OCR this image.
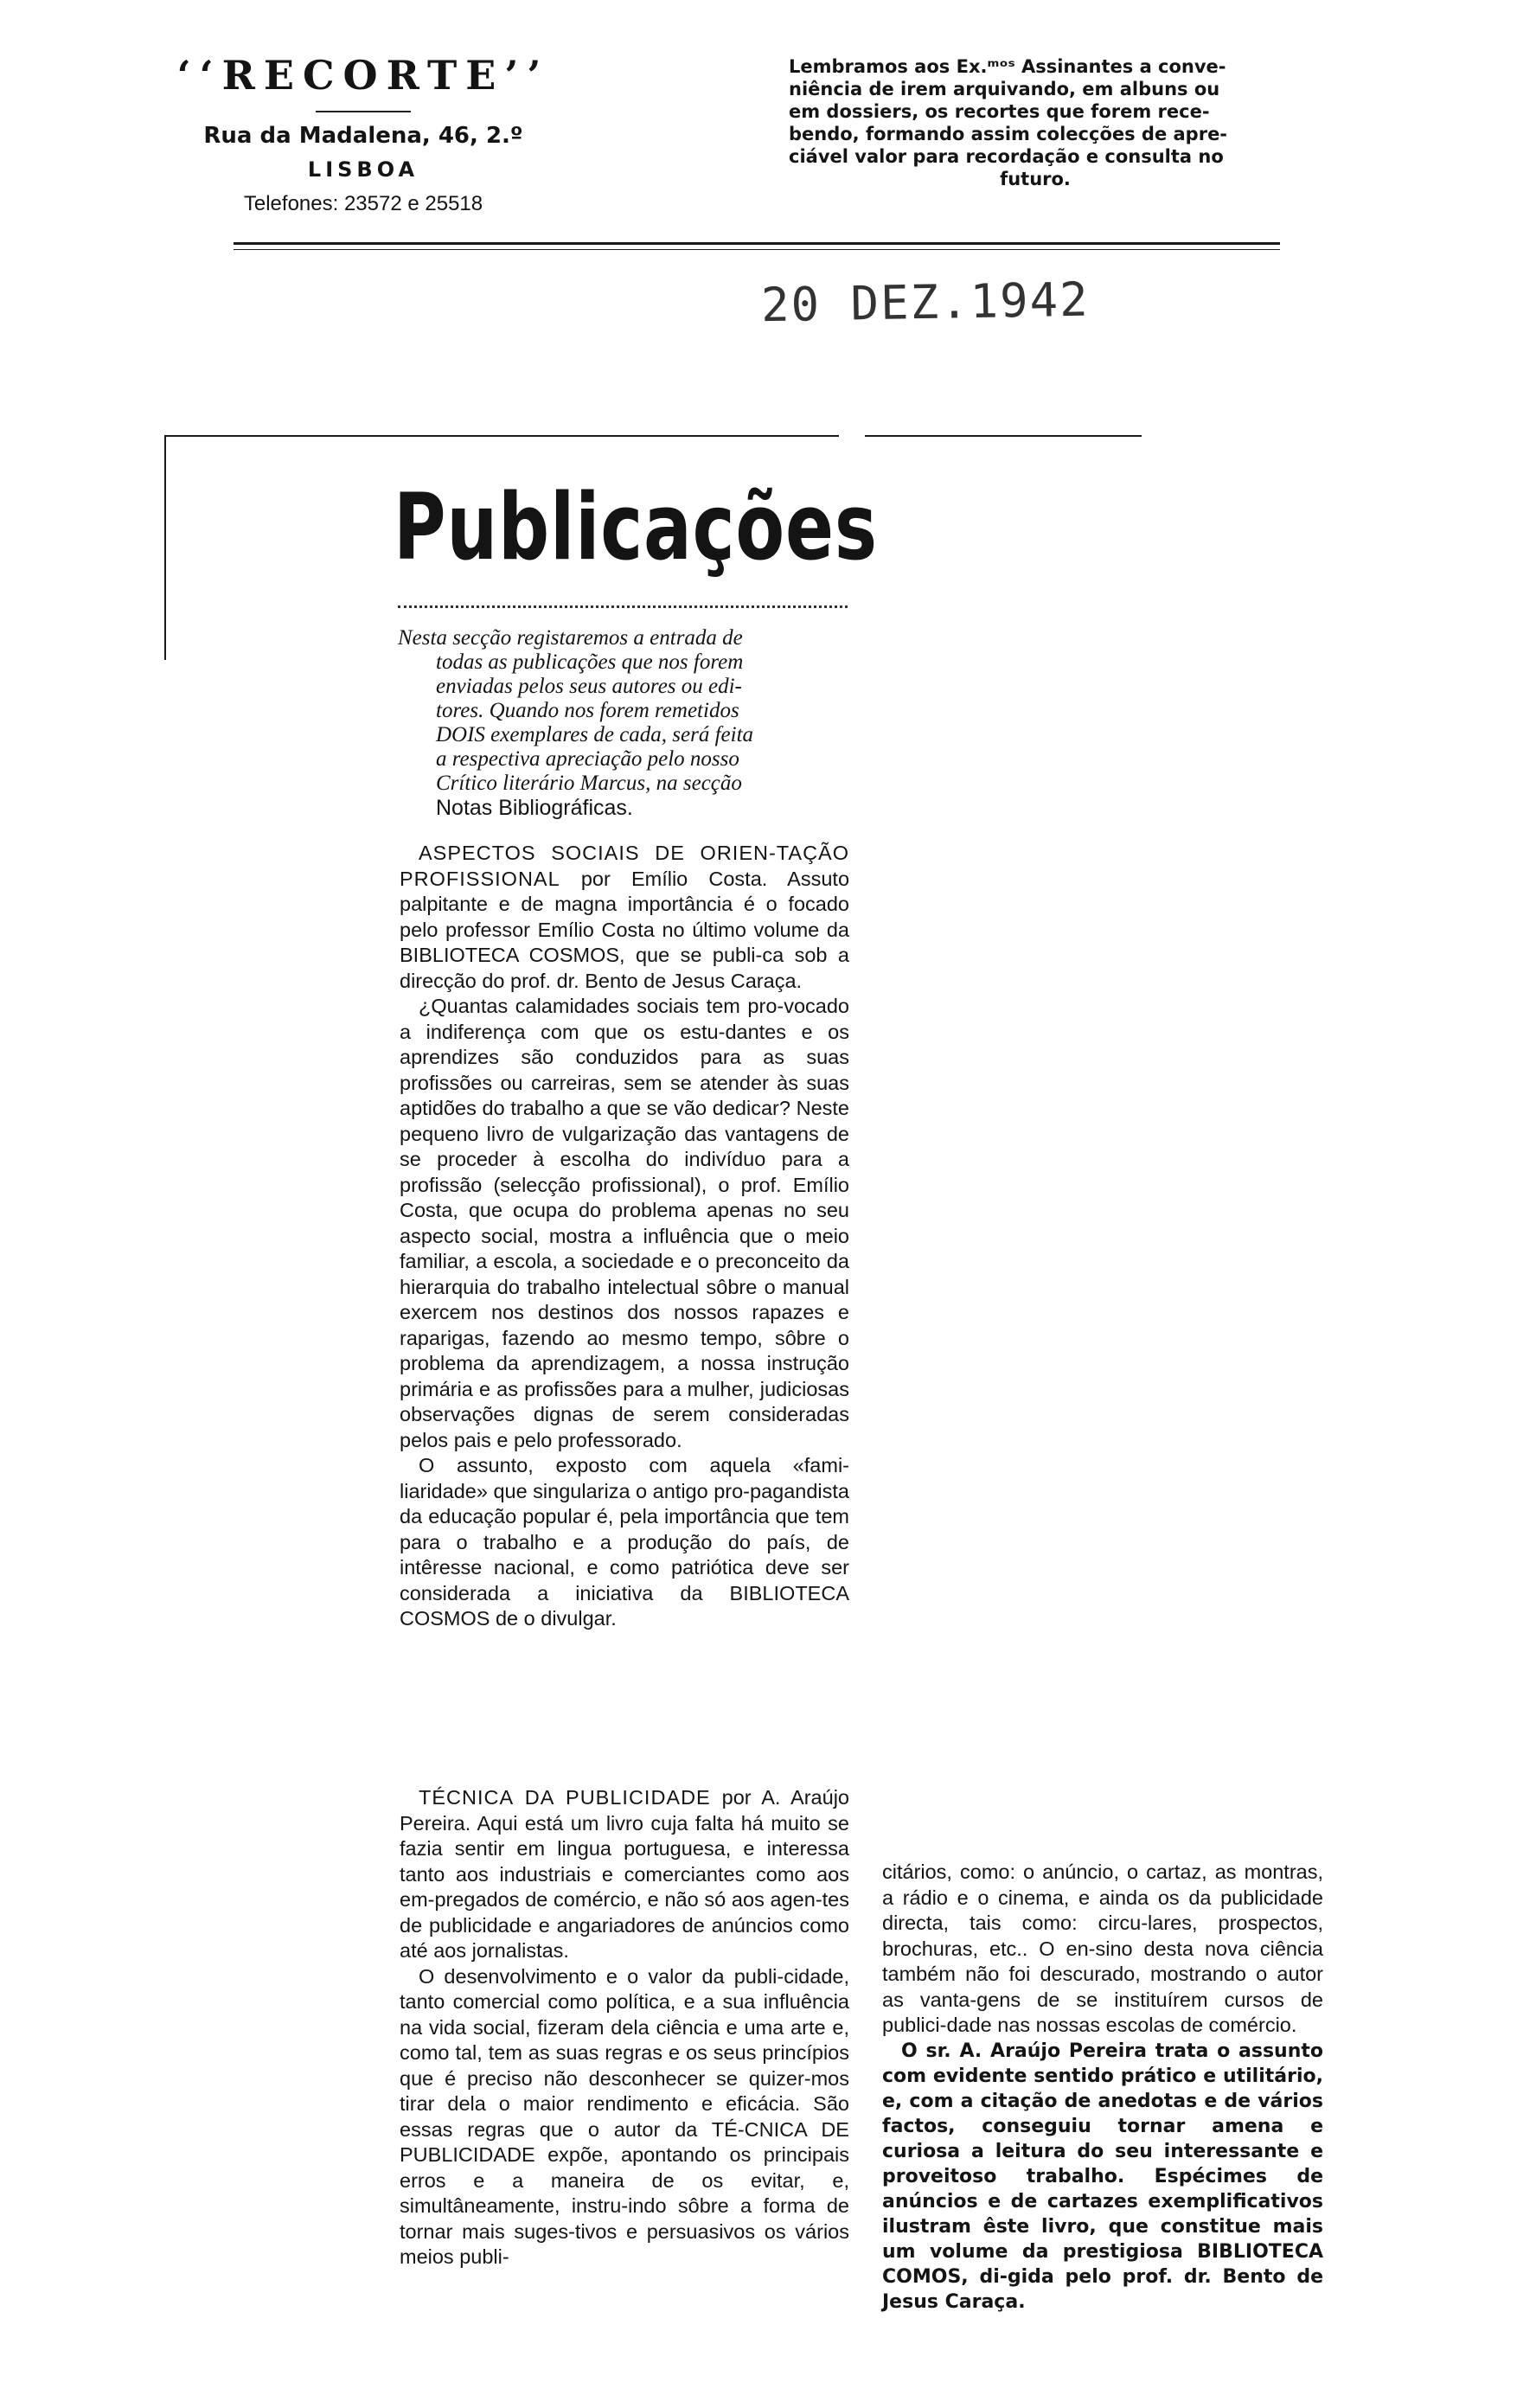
‘‘RECORTE’’
Rua da Madalena, 46, 2.º
LISBOA
Telefones: 23572 e 25518
Lembramos aos Ex.ᵐᵒˢ Assinantes a conve-
niência de irem arquivando, em albuns ou
em dossiers, os recortes que forem rece-
bendo, formando assim colecções de apre-
ciável valor para recordação e consulta no
futuro.
20 DEZ.1942
Publicações
Nesta secção registaremos a entrada de
todas as publicações que nos forem
enviadas pelos seus autores ou edi-
tores. Quando nos forem remetidos
DOIS exemplares de cada, será feita
a respectiva apreciação pelo nosso
Crítico literário Marcus, na secção
Notas Bibliográficas.

ASPECTOS SOCIAIS DE ORIEN-TAÇÃO PROFISSIONAL por Emílio Costa. Assuto palpitante e de magna importância é o focado pelo professor Emílio Costa no último volume da BIBLIOTECA COSMOS, que se publi-ca sob a direcção do prof. dr. Bento de Jesus Caraça.

¿Quantas calamidades sociais tem pro-vocado a indiferença com que os estu-dantes e os aprendizes são conduzidos para as suas profissões ou carreiras, sem se atender às suas aptidões do trabalho a que se vão dedicar? Neste pequeno livro de vulgarização das vantagens de se proceder à escolha do indivíduo para a profissão (selecção profissional), o prof. Emílio Costa, que ocupa do problema apenas no seu aspecto social, mostra a influência que o meio familiar, a escola, a sociedade e o preconceito da hierarquia do trabalho intelectual sôbre o manual exercem nos destinos dos nossos rapazes e raparigas, fazendo ao mesmo tempo, sôbre o problema da aprendizagem, a nossa instrução primária e as profissões para a mulher, judiciosas observações dignas de serem consideradas pelos pais e pelo professorado.

O assunto, exposto com aquela «fami-liaridade» que singulariza o antigo pro-pagandista da educação popular é, pela importância que tem para o trabalho e a produção do país, de intêresse nacional, e como patriótica deve ser considerada a iniciativa da BIBLIOTECA COSMOS de o divulgar.

TÉCNICA DA PUBLICIDADE por A. Araújo Pereira. Aqui está um livro cuja falta há muito se fazia sentir em lingua portuguesa, e interessa tanto aos industriais e comerciantes como aos em-pregados de comércio, e não só aos agen-tes de publicidade e angariadores de anúncios como até aos jornalistas.

O desenvolvimento e o valor da publi-cidade, tanto comercial como política, e a sua influência na vida social, fizeram dela ciência e uma arte e, como tal, tem as suas regras e os seus princípios que é preciso não desconhecer se quizer-mos tirar dela o maior rendimento e eficácia. São essas regras que o autor da TÉ-CNICA DE PUBLICIDADE expõe, apontando os principais erros e a maneira de os evitar, e, simultâneamente, instru-indo sôbre a forma de tornar mais suges-tivos e persuasivos os vários meios publi-

citários, como: o anúncio, o cartaz, as montras, a rádio e o cinema, e ainda os da publicidade directa, tais como: circu-lares, prospectos, brochuras, etc.. O en-sino desta nova ciência também não foi descurado, mostrando o autor as vanta-gens de se instituírem cursos de publici-dade nas nossas escolas de comércio.

O sr. A. Araújo Pereira trata o assunto com evidente sentido prático e utilitário, e, com a citação de anedotas e de vários factos, conseguiu tornar amena e curiosa a leitura do seu interessante e proveitoso trabalho. Espécimes de anúncios e de cartazes exemplificativos ilustram êste livro, que constitue mais um volume da prestigiosa BIBLIOTECA COMOS, di-gida pelo prof. dr. Bento de Jesus Caraça.
